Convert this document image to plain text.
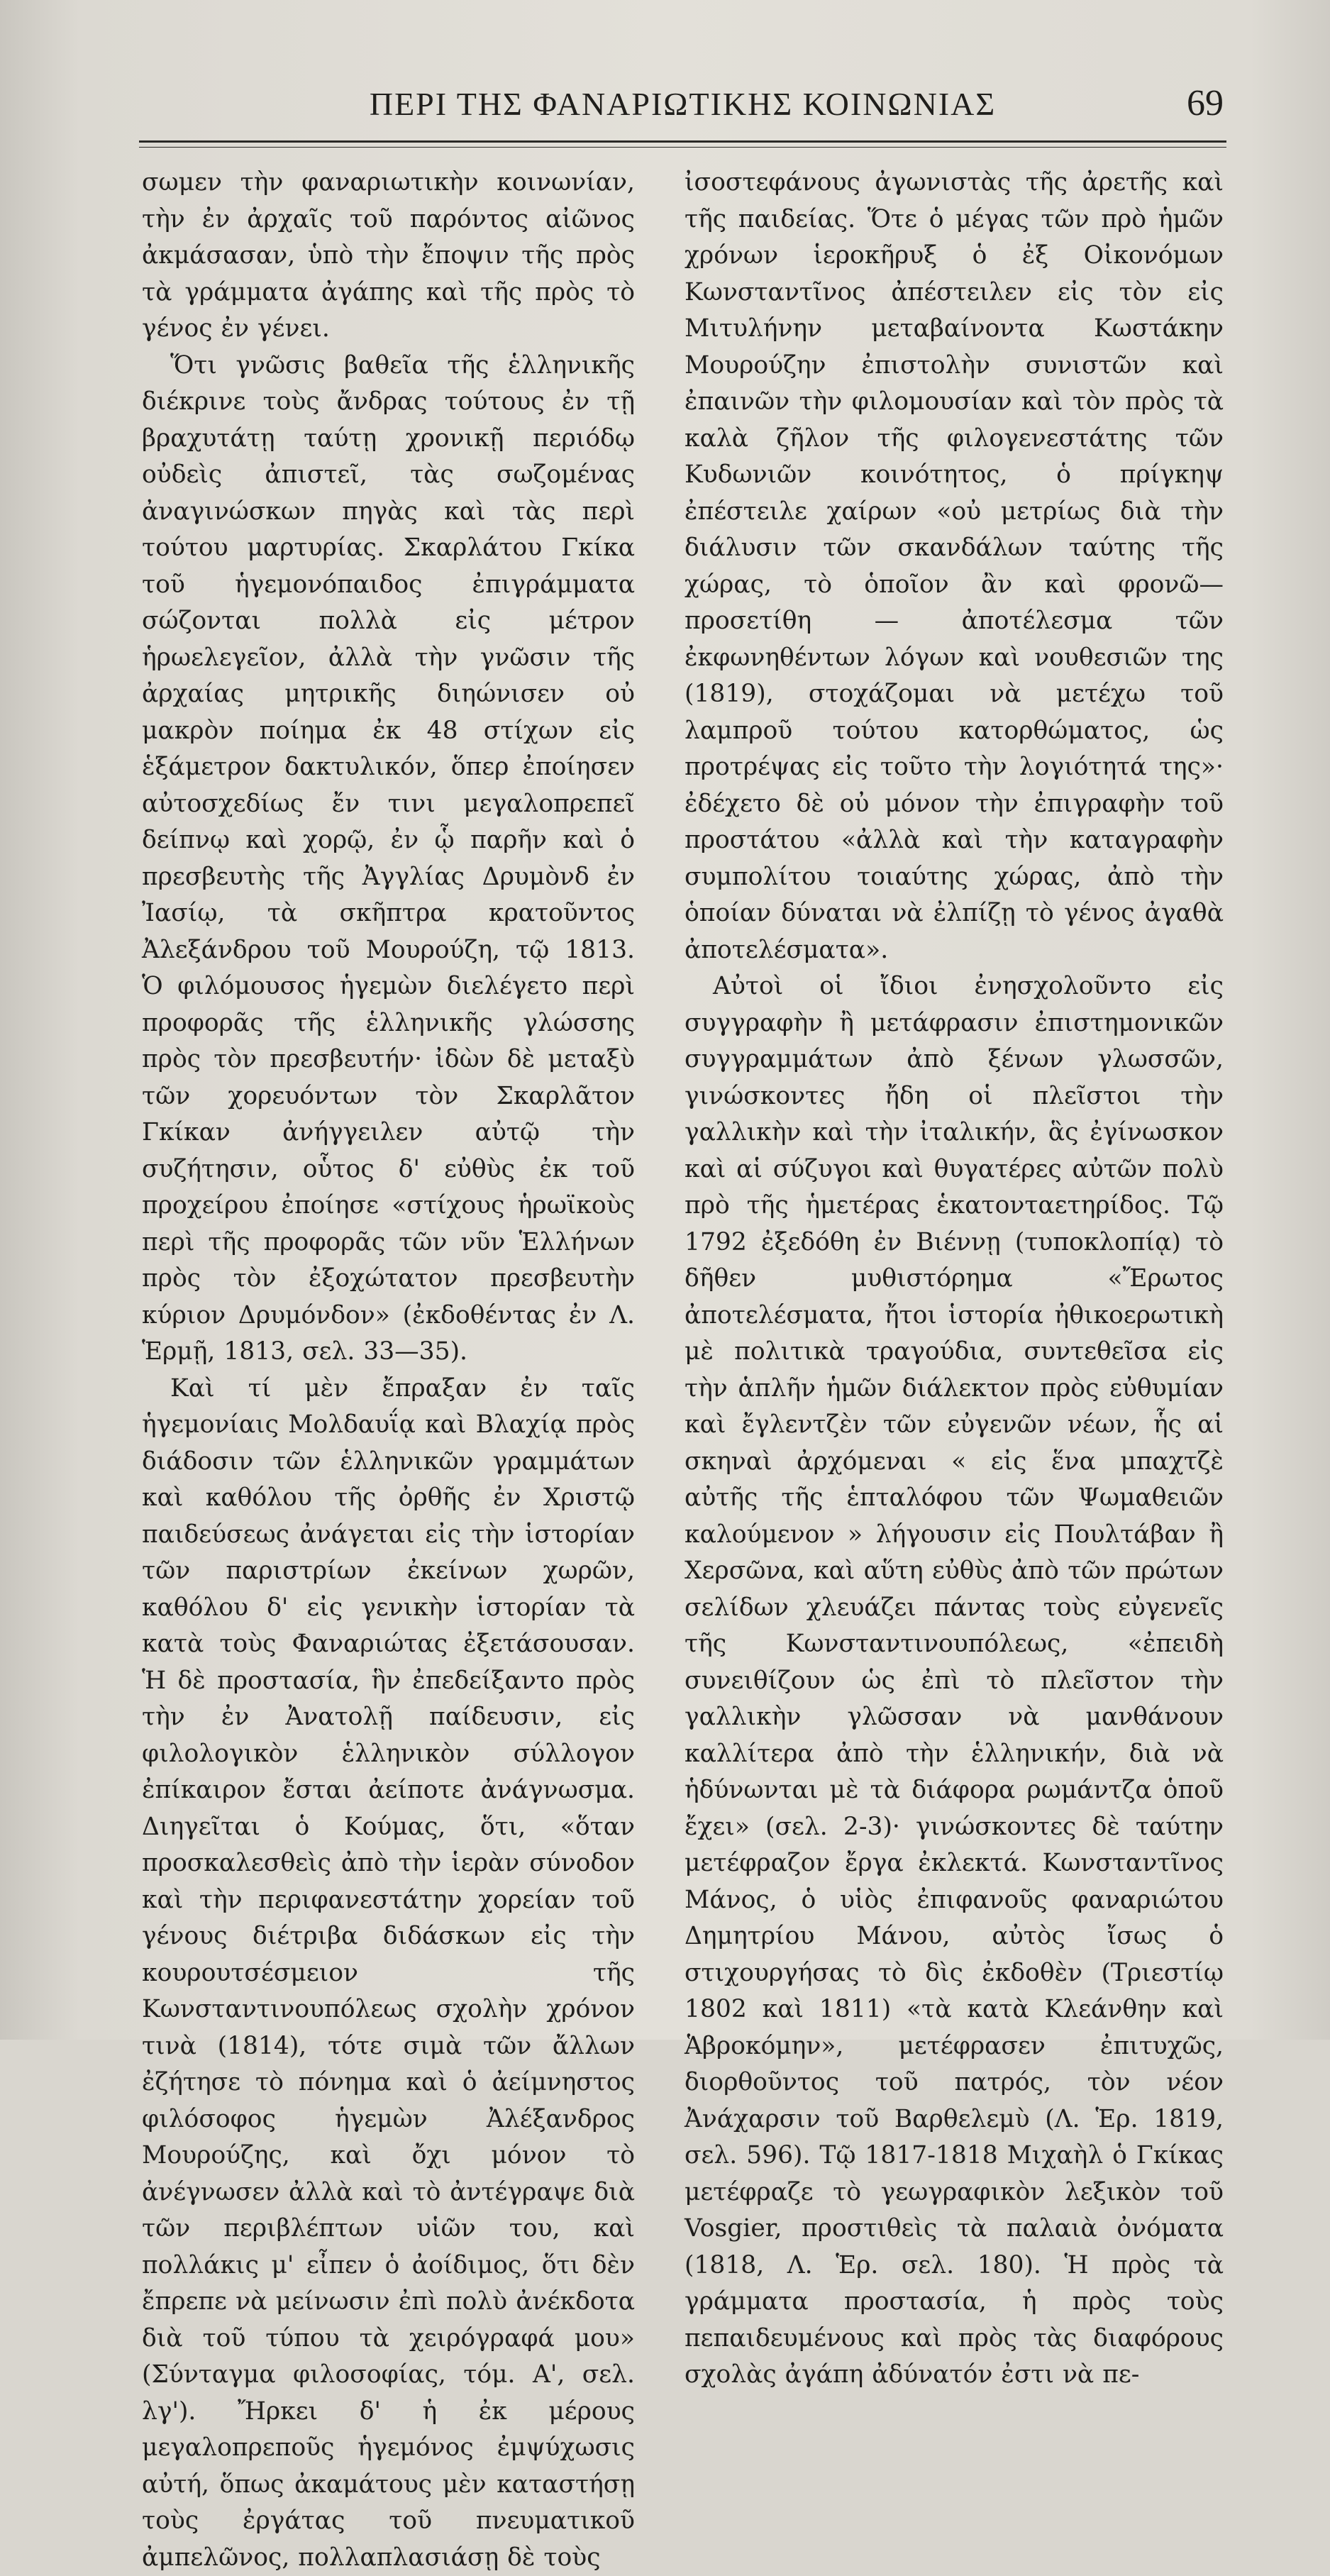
ΠΕΡΙ ΤΗΣ ΦΑΝΑΡΙΩΤΙΚΗΣ ΚΟΙΝΩΝΙΑΣ	69

σωμεν τὴν φαναριωτικὴν κοινωνίαν, τὴν ἐν ἀρχαῖς τοῦ παρόντος αἰῶνος ἀκμάσασαν, ὑπὸ τὴν ἔποψιν τῆς πρὸς τὰ γράμματα ἀγάπης καὶ τῆς πρὸς τὸ γένος ἐν γένει.

Ὅτι γνῶσις βαθεῖα τῆς ἑλληνικῆς διέκρινε τοὺς ἄνδρας τούτους ἐν τῇ βραχυτάτῃ ταύτῃ χρονικῇ περιόδῳ οὐδεὶς ἀπιστεῖ, τὰς σωζομένας ἀναγινώσκων πηγὰς καὶ τὰς περὶ τούτου μαρτυρίας. Σκαρλάτου Γκίκα τοῦ ἡγεμονόπαιδος ἐπιγράμματα σώζονται πολλὰ εἰς μέτρον ἡρωελεγεῖον, ἀλλὰ τὴν γνῶσιν τῆς ἀρχαίας μητρικῆς διηώνισεν οὐ μακρὸν ποίημα ἐκ 48 στίχων εἰς ἑξάμετρον δακτυλικόν, ὅπερ ἐποίησεν αὐτοσχεδίως ἔν τινι μεγαλοπρεπεῖ δείπνῳ καὶ χορῷ, ἐν ᾧ παρῆν καὶ ὁ πρεσβευτὴς τῆς Ἀγγλίας Δρυμὸνδ ἐν Ἰασίῳ, τὰ σκῆπτρα κρατοῦντος Ἀλεξάνδρου τοῦ Μουρούζη, τῷ 1813. Ὁ φιλόμουσος ἡγεμὼν διελέγετο περὶ προφορᾶς τῆς ἑλληνικῆς γλώσσης πρὸς τὸν πρεσβευτήν· ἰδὼν δὲ μεταξὺ τῶν χορευόντων τὸν Σκαρλᾶτον Γκίκαν ἀνήγγειλεν αὐτῷ τὴν συζήτησιν, οὗτος δ' εὐθὺς ἐκ τοῦ προχείρου ἐποίησε «στίχους ἡρωϊκοὺς περὶ τῆς προφορᾶς τῶν νῦν Ἑλλήνων πρὸς τὸν ἐξοχώτατον πρεσβευτὴν κύριον Δρυμόνδον» (ἐκδοθέντας ἐν Λ. Ἑρμῇ, 1813, σελ. 33—35).

Καὶ τί μὲν ἔπραξαν ἐν ταῖς ἡγεμονίαις Μολδαυΐᾳ καὶ Βλαχίᾳ πρὸς διάδοσιν τῶν ἑλληνικῶν γραμμάτων καὶ καθόλου τῆς ὀρθῆς ἐν Χριστῷ παιδεύσεως ἀνάγεται εἰς τὴν ἱστορίαν τῶν παριστρίων ἐκείνων χωρῶν, καθόλου δ' εἰς γενικὴν ἱστορίαν τὰ κατὰ τοὺς Φαναριώτας ἐξετάσουσαν. Ἡ δὲ προστασία, ἣν ἐπεδείξαντο πρὸς τὴν ἐν Ἀνατολῇ παίδευσιν, εἰς φιλολογικὸν ἑλληνικὸν σύλλογον ἐπίκαιρον ἔσται ἀείποτε ἀνάγνωσμα. Διηγεῖται ὁ Κούμας, ὅτι, «ὅταν προσκαλεσθεὶς ἀπὸ τὴν ἱερὰν σύνοδον καὶ τὴν περιφανεστάτην χορείαν τοῦ γένους διέτριβα διδάσκων εἰς τὴν κουρουτσέσμειον τῆς Κωνσταντινουπόλεως σχολὴν χρόνον τινὰ (1814), τότε σιμὰ τῶν ἄλλων ἐζήτησε τὸ πόνημα καὶ ὁ ἀείμνηστος φιλόσοφος ἡγεμὼν Ἀλέξανδρος Μουρούζης, καὶ ὄχι μόνον τὸ ἀνέγνωσεν ἀλλὰ καὶ τὸ ἀντέγραψε διὰ τῶν περιβλέπτων υἱῶν του, καὶ πολλάκις μ' εἶπεν ὁ ἀοίδιμος, ὅτι δὲν ἔπρεπε νὰ μείνωσιν ἐπὶ πολὺ ἀνέκδοτα διὰ τοῦ τύπου τὰ χειρόγραφά μου» (Σύνταγμα φιλοσοφίας, τόμ. Α', σελ. λγ'). Ἤρκει δ' ἡ ἐκ μέρους μεγαλοπρεποῦς ἡγεμόνος ἐμψύχωσις αὐτή, ὅπως ἀκαμάτους μὲν καταστήσῃ τοὺς ἐργάτας τοῦ πνευματικοῦ ἀμπελῶνος, πολλαπλασιάσῃ δὲ τοὺς

ἰσοστεφάνους ἀγωνιστὰς τῆς ἀρετῆς καὶ τῆς παιδείας. Ὅτε ὁ μέγας τῶν πρὸ ἡμῶν χρόνων ἱεροκῆρυξ ὁ ἐξ Οἰκονόμων Κωνσταντῖνος ἀπέστειλεν εἰς τὸν εἰς Μιτυλήνην μεταβαίνοντα Κωστάκην Μουρούζην ἐπιστολὴν συνιστῶν καὶ ἐπαινῶν τὴν φιλομουσίαν καὶ τὸν πρὸς τὰ καλὰ ζῆλον τῆς φιλογενεστάτης τῶν Κυδωνιῶν κοινότητος, ὁ πρίγκηψ ἐπέστειλε χαίρων «οὐ μετρίως διὰ τὴν διάλυσιν τῶν σκανδάλων ταύτης τῆς χώρας, τὸ ὁποῖον ἂν καὶ φρονῶ—προσετίθη — ἀποτέλεσμα τῶν ἐκφωνηθέντων λόγων καὶ νουθεσιῶν της (1819), στοχάζομαι νὰ μετέχω τοῦ λαμπροῦ τούτου κατορθώματος, ὡς προτρέψας εἰς τοῦτο τὴν λογιότητά της»· ἐδέχετο δὲ οὐ μόνον τὴν ἐπιγραφὴν τοῦ προστάτου «ἀλλὰ καὶ τὴν καταγραφὴν συμπολίτου τοιαύτης χώρας, ἀπὸ τὴν ὁποίαν δύναται νὰ ἐλπίζῃ τὸ γένος ἀγαθὰ ἀποτελέσματα».

Αὐτοὶ οἱ ἴδιοι ἐνησχολοῦντο εἰς συγγραφὴν ἢ μετάφρασιν ἐπιστημονικῶν συγγραμμάτων ἀπὸ ξένων γλωσσῶν, γινώσκοντες ἤδη οἱ πλεῖστοι τὴν γαλλικὴν καὶ τὴν ἰταλικήν, ἃς ἐγίνωσκον καὶ αἱ σύζυγοι καὶ θυγατέρες αὐτῶν πολὺ πρὸ τῆς ἡμετέρας ἑκατονταετηρίδος. Τῷ 1792 ἐξεδόθη ἐν Βιέννῃ (τυποκλοπίᾳ) τὸ δῆθεν μυθιστόρημα «Ἔρωτος ἀποτελέσματα, ἤτοι ἱστορία ἠθικοερωτικὴ μὲ πολιτικὰ τραγούδια, συντεθεῖσα εἰς τὴν ἁπλῆν ἡμῶν διάλεκτον πρὸς εὐθυμίαν καὶ ἔγλεντζὲν τῶν εὐγενῶν νέων, ἧς αἱ σκηναὶ ἀρχόμεναι « εἰς ἕνα μπαχτζὲ αὐτῆς τῆς ἑπταλόφου τῶν Ψωμαθειῶν καλούμενον » λήγουσιν εἰς Πουλτάβαν ἢ Χερσῶνα, καὶ αὕτη εὐθὺς ἀπὸ τῶν πρώτων σελίδων χλευάζει πάντας τοὺς εὐγενεῖς τῆς Κωνσταντινουπόλεως, «ἐπειδὴ συνειθίζουν ὡς ἐπὶ τὸ πλεῖστον τὴν γαλλικὴν γλῶσσαν νὰ μανθάνουν καλλίτερα ἀπὸ τὴν ἑλληνικήν, διὰ νὰ ἡδύνωνται μὲ τὰ διάφορα ρωμάντζα ὁποῦ ἔχει» (σελ. 2-3)· γινώσκοντες δὲ ταύτην μετέφραζον ἔργα ἐκλεκτά. Κωνσταντῖνος Μάνος, ὁ υἱὸς ἐπιφανοῦς φαναριώτου Δημητρίου Μάνου, αὐτὸς ἴσως ὁ στιχουργήσας τὸ δὶς ἐκδοθὲν (Τριεστίῳ 1802 καὶ 1811) «τὰ κατὰ Κλεάνθην καὶ Ἁβροκόμην», μετέφρασεν ἐπιτυχῶς, διορθοῦντος τοῦ πατρός, τὸν νέον Ἀνάχαρσιν τοῦ Βαρθελεμὺ (Λ. Ἑρ. 1819, σελ. 596). Τῷ 1817-1818 Μιχαὴλ ὁ Γκίκας μετέφραζε τὸ γεωγραφικὸν λεξικὸν τοῦ Vosgier, προστιθεὶς τὰ παλαιὰ ὀνόματα (1818, Λ. Ἑρ. σελ. 180). Ἡ πρὸς τὰ γράμματα προστασία, ἡ πρὸς τοὺς πεπαιδευμένους καὶ πρὸς τὰς διαφόρους σχολὰς ἀγάπη ἀδύνατόν ἐστι νὰ πε-
